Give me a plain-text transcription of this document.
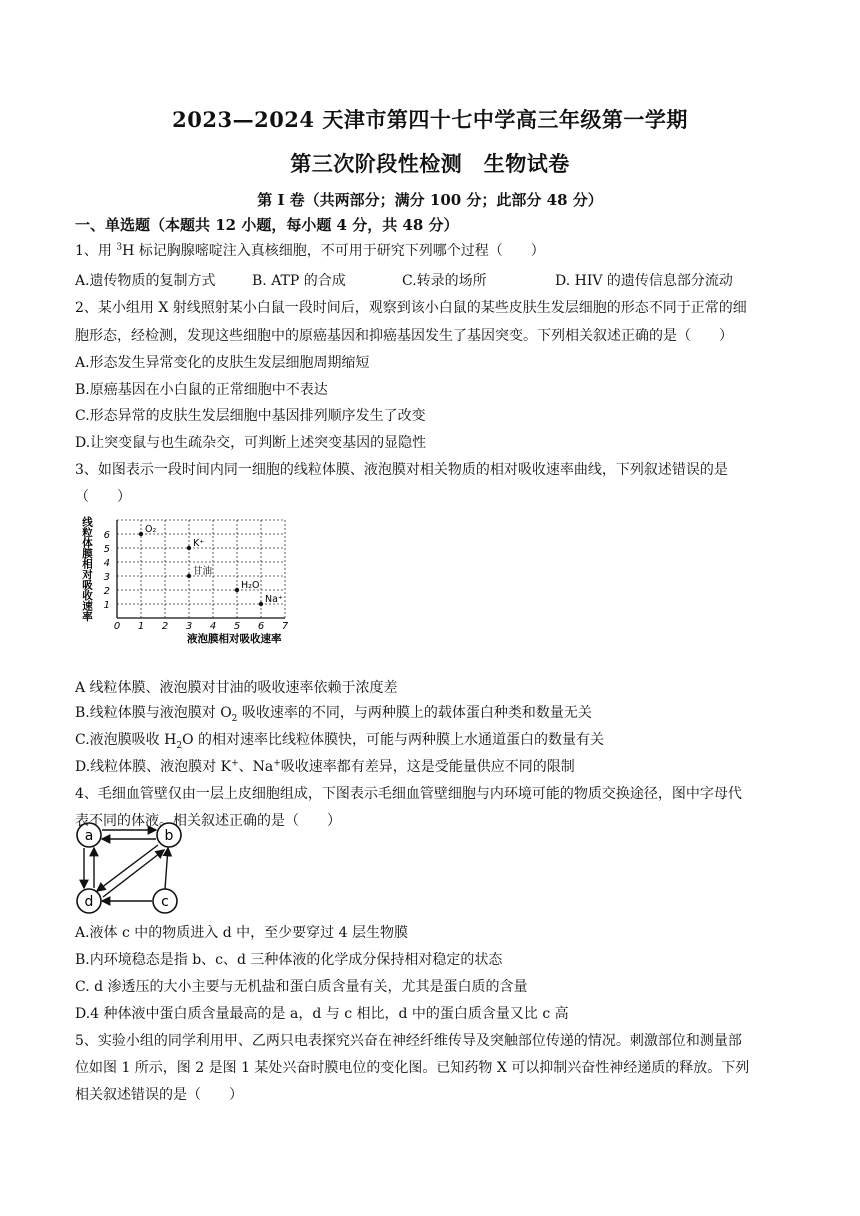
2023—2024 天津市第四十七中学高三年级第一学期
第三次阶段性检测　生物试卷
第 I 卷（共两部分；满分 100 分；此部分 48 分）
一、单选题（本题共 12 小题，每小题 4 分，共 48 分）
1、用 $^3$H 标记胸腺嘧啶注入真核细胞，不可用于研究下列哪个过程（　　）
A.遗传物质的复制方式	B. ATP 的合成	C.转录的场所	D. HIV 的遗传信息部分流动
2、某小组用 X 射线照射某小白鼠一段时间后，观察到该小白鼠的某些皮肤生发层细胞的形态不同于正常的细
胞形态，经检测，发现这些细胞中的原癌基因和抑癌基因发生了基因突变。下列相关叙述正确的是（　　）
A.形态发生异常变化的皮肤生发层细胞周期缩短
B.原癌基因在小白鼠的正常细胞中不表达
C.形态异常的皮肤生发层细胞中基因排列顺序发生了改变
D.让突变鼠与也生疏杂交，可判断上述突变基因的显隐性
3、如图表示一段时间内同一细胞的线粒体膜、液泡膜对相关物质的相对吸收速率曲线，下列叙述错误的是
（　　）
0 1 2 3 4 5 6 7
1
2
3
4
5
6
液泡膜相对吸收速率
线粒体膜相对吸收速率	O₂
K⁺
甘油
H₂O
Na⁺
A 线粒体膜、液泡膜对甘油的吸收速率依赖于浓度差
B.线粒体膜与液泡膜对 $O_2$ 吸收速率的不同，与两种膜上的载体蛋白种类和数量无关
C.液泡膜吸收 $H_2O$ 的相对速率比线粒体膜快，可能与两种膜上水通道蛋白的数量有关
D.线粒体膜、液泡膜对 K+、Na+吸收速率都有差异，这是受能量供应不同的限制
4、毛细血管壁仅由一层上皮细胞组成，下图表示毛细血管壁细胞与内环境可能的物质交换途径，图中字母代
表不同的体液。相关叙述正确的是（　　）
a	b
d	c
A.液体 c 中的物质进入 d 中，至少要穿过 4 层生物膜
B.内环境稳态是指 b、c、d 三种体液的化学成分保持相对稳定的状态
C. d 渗透压的大小主要与无机盐和蛋白质含量有关，尤其是蛋白质的含量
D.4 种体液中蛋白质含量最高的是 a，d 与 c 相比，d 中的蛋白质含量又比 c 高
5、实验小组的同学利用甲、乙两只电表探究兴奋在神经纤维传导及突触部位传递的情况。刺激部位和测量部
位如图 1 所示，图 2 是图 1 某处兴奋时膜电位的变化图。已知药物 X 可以抑制兴奋性神经递质的释放。下列
相关叙述错误的是（　　）
